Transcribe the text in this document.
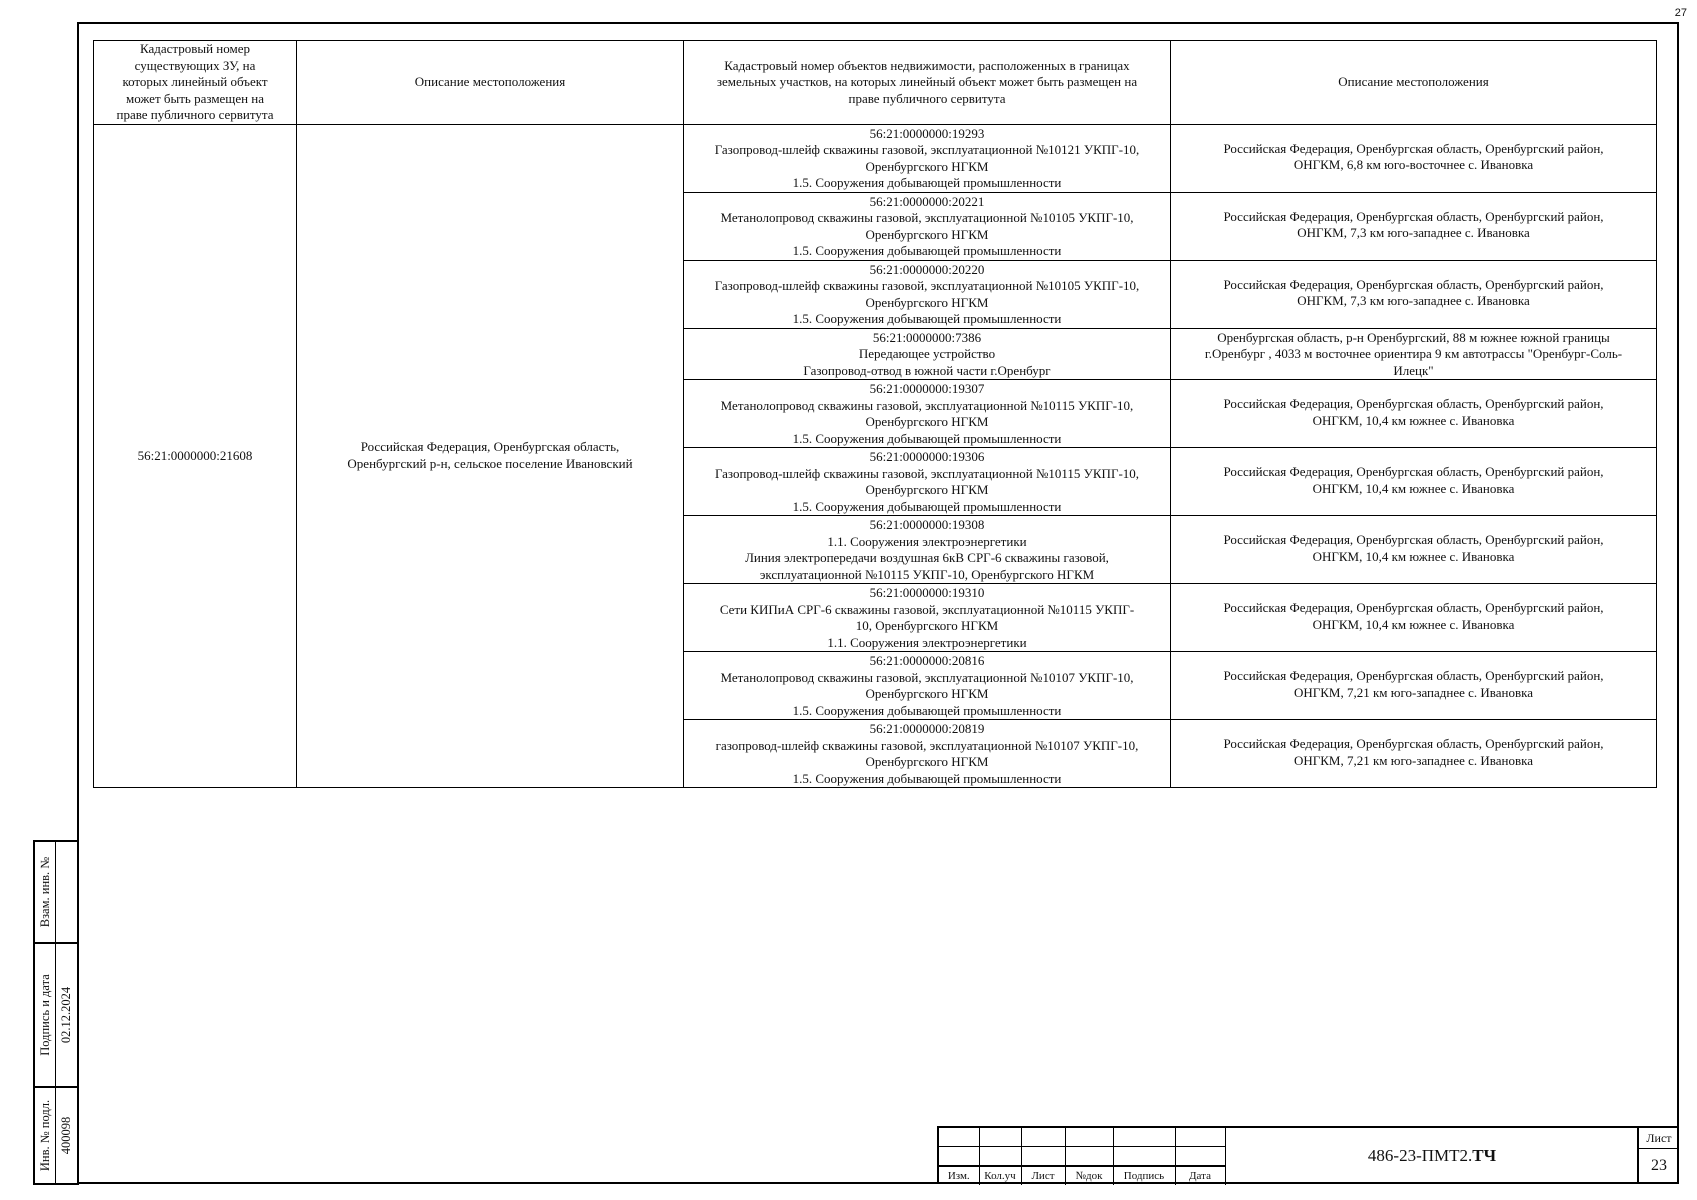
27
Кадастровый номер
существующих ЗУ, на
которых линейный объект
может быть размещен на
праве публичного сервитута	Описание местоположения	Кадастровый номер объектов недвижимости, расположенных в границах
земельных участков, на которых линейный объект может быть размещен на
праве публичного сервитута	Описание местоположения
56:21:0000000:21608	Российская Федерация, Оренбургская область,
Оренбургский р-н, сельское поселение Ивановский	56:21:0000000:19293
Газопровод-шлейф скважины газовой, эксплуатационной №10121 УКПГ-10,
Оренбургского НГКМ
1.5. Сооружения добывающей промышленности	Российская Федерация, Оренбургская область, Оренбургский район,
ОНГКМ, 6,8 км юго-восточнее с. Ивановка
		56:21:0000000:20221
Метанолопровод скважины газовой, эксплуатационной №10105 УКПГ-10,
Оренбургского НГКМ
1.5. Сооружения добывающей промышленности	Российская Федерация, Оренбургская область, Оренбургский район,
ОНГКМ, 7,3 км юго-западнее с. Ивановка
		56:21:0000000:20220
Газопровод-шлейф скважины газовой, эксплуатационной №10105 УКПГ-10,
Оренбургского НГКМ
1.5. Сооружения добывающей промышленности	Российская Федерация, Оренбургская область, Оренбургский район,
ОНГКМ, 7,3 км юго-западнее с. Ивановка
		56:21:0000000:7386
Передающее устройство
Газопровод-отвод в южной части г.Оренбург	Оренбургская область, р-н Оренбургский, 88 м южнее южной границы
г.Оренбург , 4033 м восточнее ориентира 9 км автотрассы "Оренбург-Соль-
Илецк"
		56:21:0000000:19307
Метанолопровод скважины газовой, эксплуатационной №10115 УКПГ-10,
Оренбургского НГКМ
1.5. Сооружения добывающей промышленности	Российская Федерация, Оренбургская область, Оренбургский район,
ОНГКМ, 10,4 км южнее с. Ивановка
		56:21:0000000:19306
Газопровод-шлейф скважины газовой, эксплуатационной №10115 УКПГ-10,
Оренбургского НГКМ
1.5. Сооружения добывающей промышленности	Российская Федерация, Оренбургская область, Оренбургский район,
ОНГКМ, 10,4 км южнее с. Ивановка
		56:21:0000000:19308
1.1. Сооружения электроэнергетики
Линия электропередачи воздушная 6кВ СРГ-6 скважины газовой,
эксплуатационной №10115 УКПГ-10, Оренбургского НГКМ	Российская Федерация, Оренбургская область, Оренбургский район,
ОНГКМ, 10,4 км южнее с. Ивановка
		56:21:0000000:19310
Сети КИПиА СРГ-6 скважины газовой, эксплуатационной №10115 УКПГ-
10, Оренбургского НГКМ
1.1. Сооружения электроэнергетики	Российская Федерация, Оренбургская область, Оренбургский район,
ОНГКМ, 10,4 км южнее с. Ивановка
		56:21:0000000:20816
Метанолопровод скважины газовой, эксплуатационной №10107 УКПГ-10,
Оренбургского НГКМ
1.5. Сооружения добывающей промышленности	Российская Федерация, Оренбургская область, Оренбургский район,
ОНГКМ, 7,21 км юго-западнее с. Ивановка
		56:21:0000000:20819
газопровод-шлейф скважины газовой, эксплуатационной №10107 УКПГ-10,
Оренбургского НГКМ
1.5. Сооружения добывающей промышленности	Российская Федерация, Оренбургская область, Оренбургский район,
ОНГКМ, 7,21 км юго-западнее с. Ивановка
Взам. инв. №
Подпись и дата 02.12.2024
Инв. № подл. 400098

Изм.	Кол.уч	Лист	№док	Подпись	Дата
486-23-ПМТ2. ТЧ
Лист
23
